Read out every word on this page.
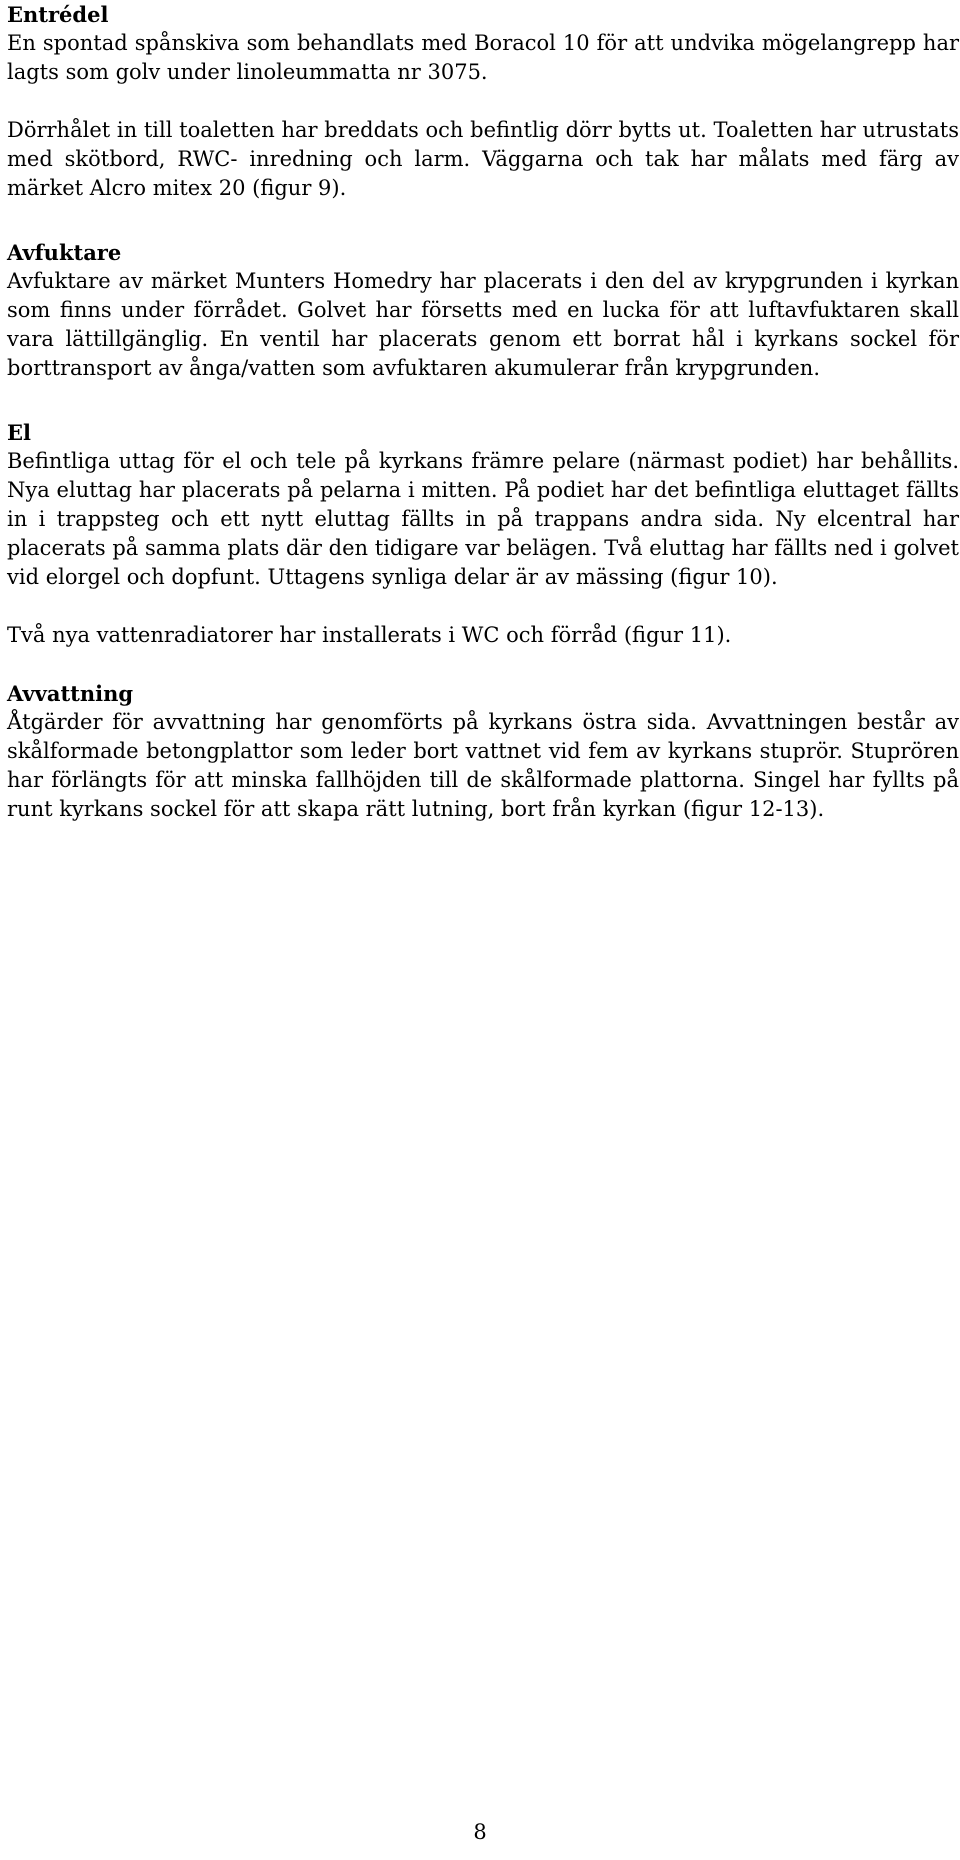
Entrédel

En spontad spånskiva som behandlats med Boracol 10 för att undvika mögelangrepp har lagts som golv under linoleummatta nr 3075.

Dörrhålet in till toaletten har breddats och befintlig dörr bytts ut. Toaletten har utrustats med skötbord, RWC- inredning och larm. Väggarna och tak har målats med färg av märket Alcro mitex 20 (figur 9).

Avfuktare

Avfuktare av märket Munters Homedry har placerats i den del av krypgrunden i kyrkan som finns under förrådet. Golvet har försetts med en lucka för att luftavfuktaren skall vara lättillgänglig. En ventil har placerats genom ett borrat hål i kyrkans sockel för borttransport av ånga/vatten som avfuktaren akumulerar från krypgrunden.

El

Befintliga uttag för el och tele på kyrkans främre pelare (närmast podiet) har behållits. Nya eluttag har placerats på pelarna i mitten. På podiet har det befintliga eluttaget fällts in i trappsteg och ett nytt eluttag fällts in på trappans andra sida. Ny elcentral har placerats på samma plats där den tidigare var belägen. Två eluttag har fällts ned i golvet vid elorgel och dopfunt. Uttagens synliga delar är av mässing (figur 10).

Två nya vattenradiatorer har installerats i WC och förråd (figur 11).

Avvattning

Åtgärder för avvattning har genomförts på kyrkans östra sida. Avvattningen består av skålformade betongplattor som leder bort vattnet vid fem av kyrkans stuprör. Stuprören har förlängts för att minska fallhöjden till de skålformade plattorna. Singel har fyllts på runt kyrkans sockel för att skapa rätt lutning, bort från kyrkan (figur 12-13).

8
